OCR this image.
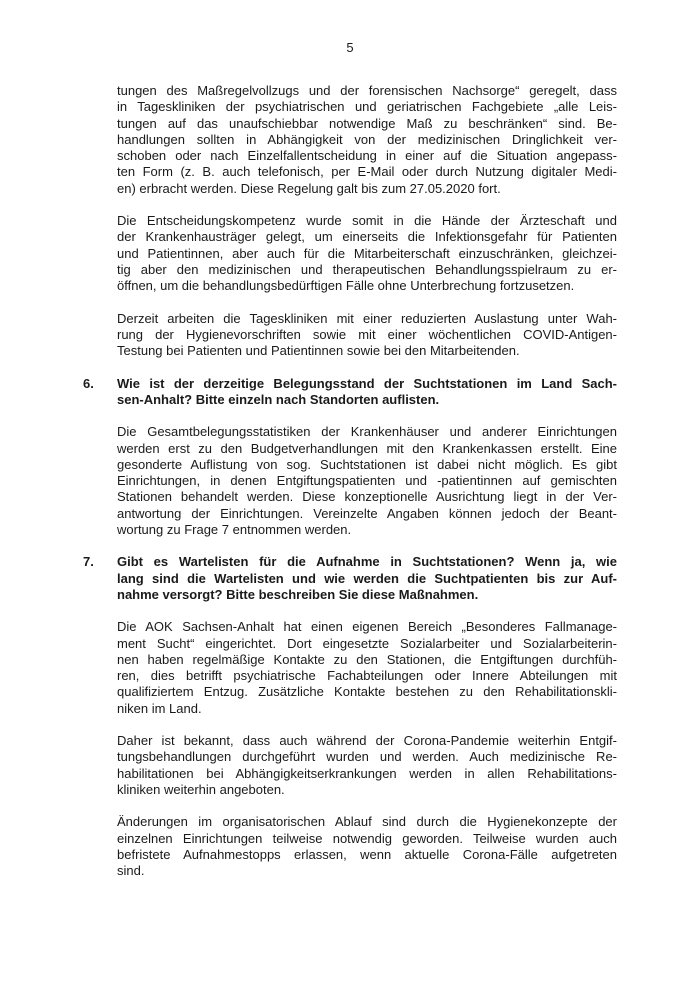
5
tungen des Maßregelvollzugs und der forensischen Nachsorge“ geregelt, dass
in Tageskliniken der psychiatrischen und geriatrischen Fachgebiete „alle Leis-
tungen auf das unaufschiebbar notwendige Maß zu beschränken“ sind. Be-
handlungen sollten in Abhängigkeit von der medizinischen Dringlichkeit ver-
schoben oder nach Einzelfallentscheidung in einer auf die Situation angepass-
ten Form (z. B. auch telefonisch, per E-Mail oder durch Nutzung digitaler Medi-
en) erbracht werden. Diese Regelung galt bis zum 27.05.2020 fort.
Die Entscheidungskompetenz wurde somit in die Hände der Ärzteschaft und
der Krankenhausträger gelegt, um einerseits die Infektionsgefahr für Patienten
und Patientinnen, aber auch für die Mitarbeiterschaft einzuschränken, gleichzei-
tig aber den medizinischen und therapeutischen Behandlungsspielraum zu er-
öffnen, um die behandlungsbedürftigen Fälle ohne Unterbrechung fortzusetzen.
Derzeit arbeiten die Tageskliniken mit einer reduzierten Auslastung unter Wah-
rung der Hygienevorschriften sowie mit einer wöchentlichen COVID-Antigen-
Testung bei Patienten und Patientinnen sowie bei den Mitarbeitenden.
6. Wie ist der derzeitige Belegungsstand der Suchtstationen im Land Sach-
sen-Anhalt? Bitte einzeln nach Standorten auflisten.
Die Gesamtbelegungsstatistiken der Krankenhäuser und anderer Einrichtungen
werden erst zu den Budgetverhandlungen mit den Krankenkassen erstellt. Eine
gesonderte Auflistung von sog. Suchtstationen ist dabei nicht möglich. Es gibt
Einrichtungen, in denen Entgiftungspatienten und -patientinnen auf gemischten
Stationen behandelt werden. Diese konzeptionelle Ausrichtung liegt in der Ver-
antwortung der Einrichtungen. Vereinzelte Angaben können jedoch der Beant-
wortung zu Frage 7 entnommen werden.
7. Gibt es Wartelisten für die Aufnahme in Suchtstationen? Wenn ja, wie
lang sind die Wartelisten und wie werden die Suchtpatienten bis zur Auf-
nahme versorgt? Bitte beschreiben Sie diese Maßnahmen.
Die AOK Sachsen-Anhalt hat einen eigenen Bereich „Besonderes Fallmanage-
ment Sucht“ eingerichtet. Dort eingesetzte Sozialarbeiter und Sozialarbeiterin-
nen haben regelmäßige Kontakte zu den Stationen, die Entgiftungen durchfüh-
ren, dies betrifft psychiatrische Fachabteilungen oder Innere Abteilungen mit
qualifiziertem Entzug. Zusätzliche Kontakte bestehen zu den Rehabilitationskli-
niken im Land.
Daher ist bekannt, dass auch während der Corona-Pandemie weiterhin Entgif-
tungsbehandlungen durchgeführt wurden und werden. Auch medizinische Re-
habilitationen bei Abhängigkeitserkrankungen werden in allen Rehabilitations-
kliniken weiterhin angeboten.
Änderungen im organisatorischen Ablauf sind durch die Hygienekonzepte der
einzelnen Einrichtungen teilweise notwendig geworden. Teilweise wurden auch
befristete Aufnahmestopps erlassen, wenn aktuelle Corona-Fälle aufgetreten
sind.
